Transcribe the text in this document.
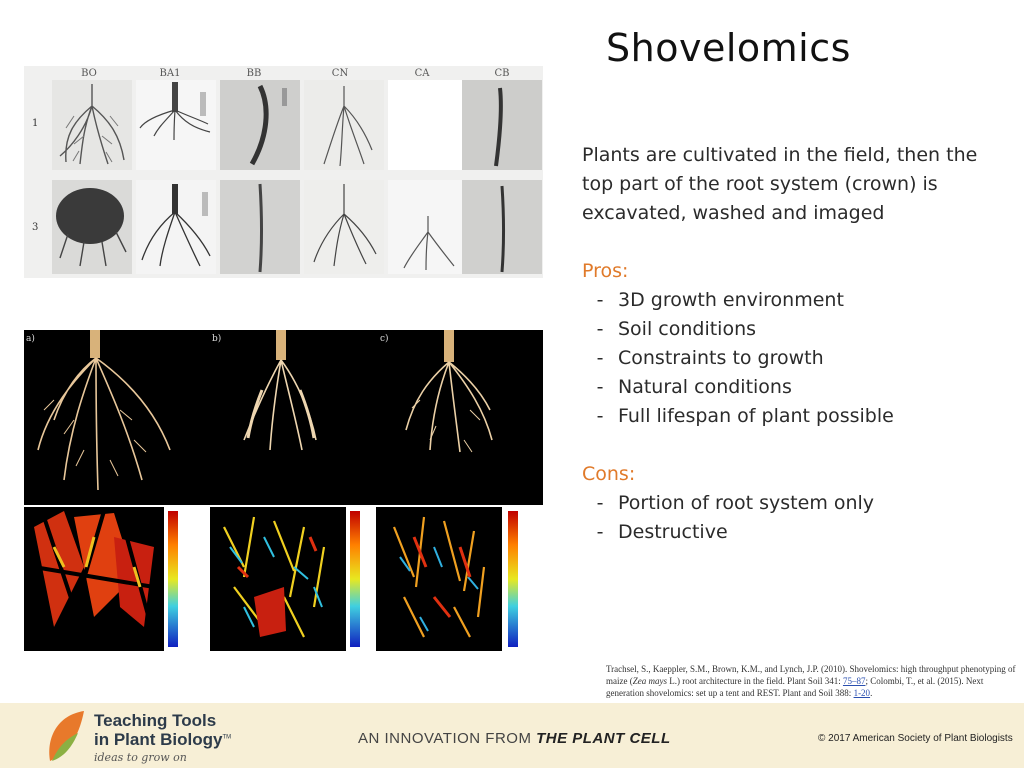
Shovelomics
BO	BA1	BB	CN	CA	CB
1
3
a)	b)	c)

Plants are cultivated in the field, then the top part of the root system (crown) is excavated, washed and imaged

Pros:
- 3D growth environment
- Soil conditions
- Constraints to growth
- Natural conditions
- Full lifespan of plant possible
Cons:
- Portion of root system only
- Destructive
Trachsel, S., Kaeppler, S.M., Brown, K.M., and Lynch, J.P. (2010). Shovelomics: high throughput phenotyping of maize (Zea mays L.) root architecture in the field. Plant Soil 341: 75–87; Colombi, T., et al. (2015). Next generation shovelomics: set up a tent and REST. Plant and Soil 388: 1-20.
Teaching Tools
in Plant Biology™
ideas to grow on
AN INNOVATION FROM THE PLANT CELL	© 2017 American Society of Plant Biologists
